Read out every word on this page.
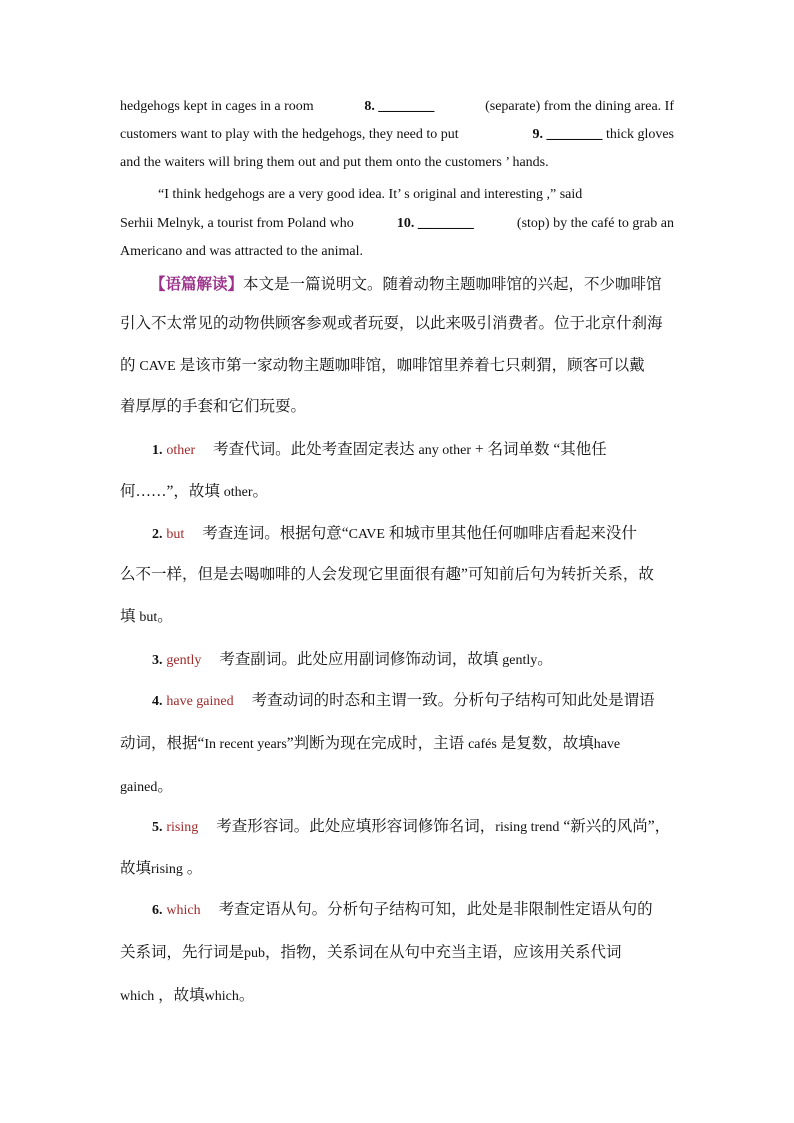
hedgehogs kept in cages in a room	8. ________	(separate) from the dining area. If
customers want to play with the hedgehogs, they need to put	9. ________ thick gloves
and the waiters will bring them out and put them onto the customers ’ hands.
“I think hedgehogs are a very good idea. It’ s original and interesting ,” said
Serhii Melnyk, a tourist from Poland who	10. ________	(stop) by the café to grab an
Americano and was attracted to the animal.
【语篇解读】本文是一篇说明文。随着动物主题咖啡馆的兴起，不少咖啡馆
引入不太常见的动物供顾客参观或者玩耍，以此来吸引消费者。位于北京什刹海
的 CAVE 是该市第一家动物主题咖啡馆，咖啡馆里养着七只刺猬，顾客可以戴
着厚厚的手套和它们玩耍。
1. other 考查代词。此处考查固定表达 any other + 名词单数 “其他任
何……”，故填 other。
2. but 考查连词。根据句意“CAVE 和城市里其他任何咖啡店看起来没什
么不一样，但是去喝咖啡的人会发现它里面很有趣”可知前后句为转折关系，故
填 but。
3. gently 考查副词。此处应用副词修饰动词，故填 gently。
4. have gained 考查动词的时态和主谓一致。分析句子结构可知此处是谓语
动词，根据“In recent years”判断为现在完成时，主语 cafés 是复数，故填have
gained。
5. rising 考查形容词。此处应填形容词修饰名词，rising trend “新兴的风尚”，
故填rising 。
6. which 考查定语从句。分析句子结构可知，此处是非限制性定语从句的
关系词，先行词是pub，指物，关系词在从句中充当主语，应该用关系代词
which ，故填which。
